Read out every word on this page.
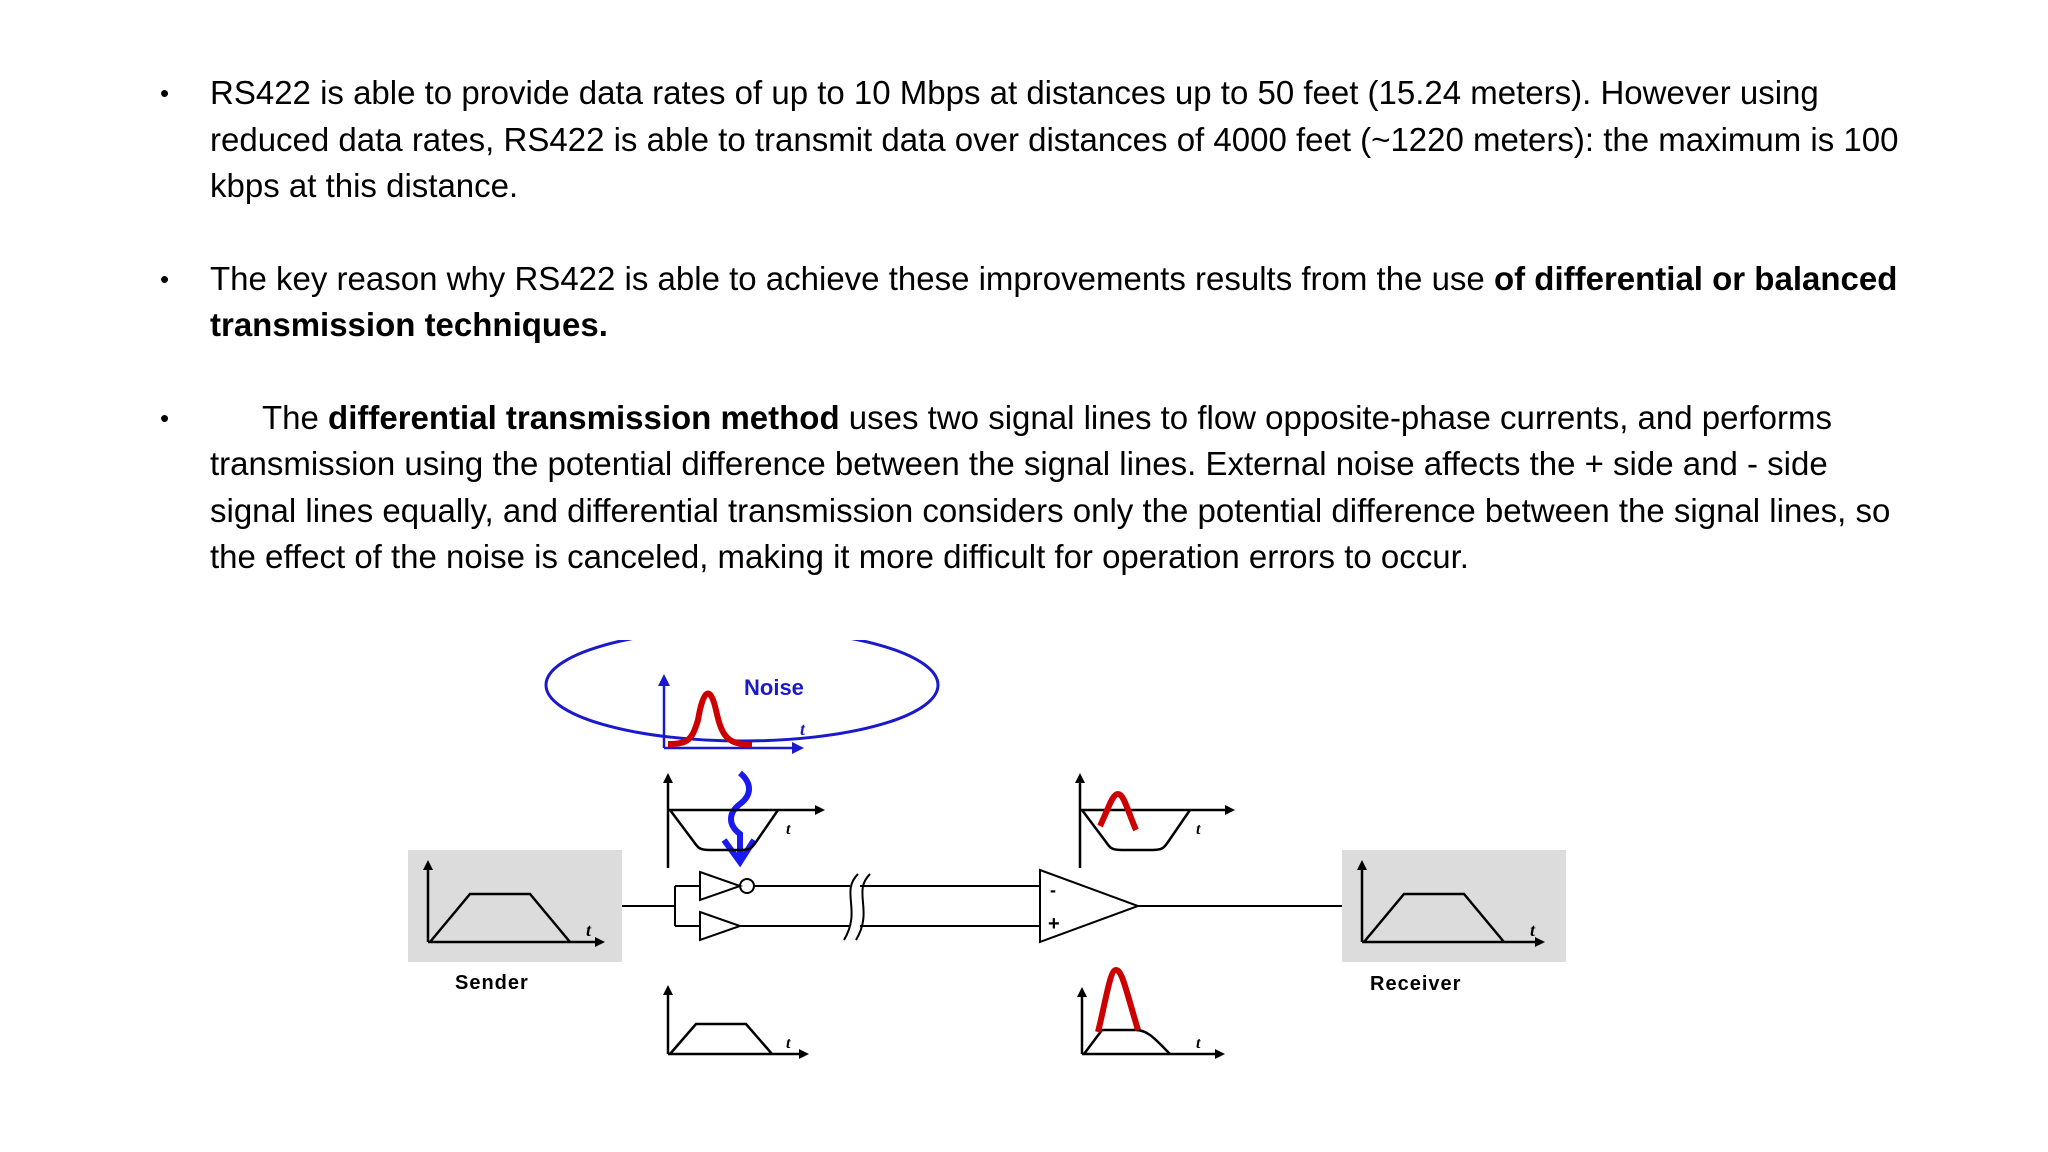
• RS422 is able to provide data rates of up to 10 Mbps at distances up to 50 feet (15.24 meters). However using reduced data rates, RS422 is able to transmit data over distances of 4000 feet (~1220 meters): the maximum is 100 kbps at this distance.
• The key reason why RS422 is able to achieve these improvements results from the use of differential or balanced transmission techniques.
•	The differential transmission method uses two signal lines to flow opposite-phase currents, and performs transmission using the potential difference between the signal lines. External noise affects the + side and - side signal lines equally, and differential transmission considers only the potential difference between the signal lines, so the effect of the noise is canceled, making it more difficult for operation errors to occur.
Noise
t
t
Sender
t
Receiver
-
+
t
t
t
t
